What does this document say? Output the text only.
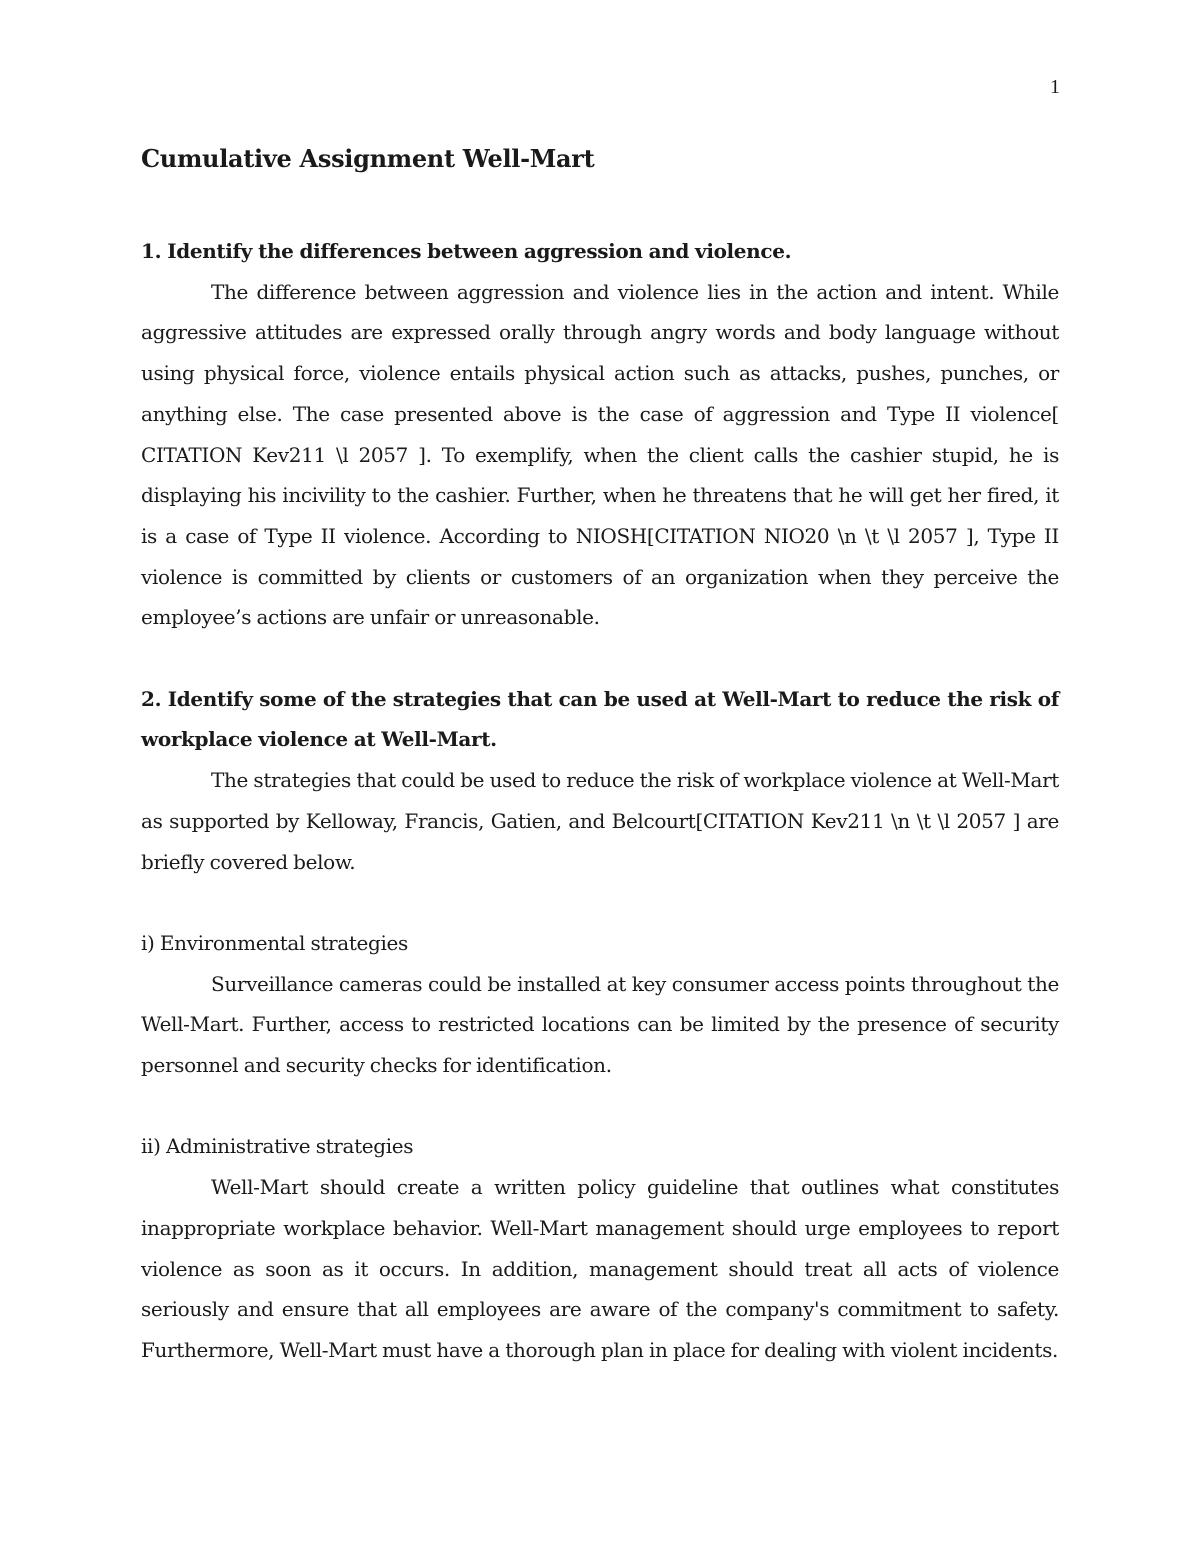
1
Cumulative Assignment Well-Mart

1. Identify the differences between aggression and violence.

The difference between aggression and violence lies in the action and intent. While aggressive attitudes are expressed orally through angry words and body language without using physical force, violence entails physical action such as attacks, pushes, punches, or anything else. The case presented above is the case of aggression and Type II violence[ CITATION Kev211 \l 2057 ]. To exemplify, when the client calls the cashier stupid, he is displaying his incivility to the cashier. Further, when he threatens that he will get her fired, it is a case of Type II violence. According to NIOSH[CITATION NIO20 \n \t \l 2057 ], Type II violence is committed by clients or customers of an organization when they perceive the employee’s actions are unfair or unreasonable.

2. Identify some of the strategies that can be used at Well-Mart to reduce the risk of workplace violence at Well-Mart.

The strategies that could be used to reduce the risk of workplace violence at Well-Mart as supported by Kelloway, Francis, Gatien, and Belcourt[CITATION Kev211 \n \t \l 2057 ] are briefly covered below.

i) Environmental strategies

Surveillance cameras could be installed at key consumer access points throughout the Well-Mart. Further, access to restricted locations can be limited by the presence of security personnel and security checks for identification.

ii) Administrative strategies

Well-Mart should create a written policy guideline that outlines what constitutes inappropriate workplace behavior. Well-Mart management should urge employees to report violence as soon as it occurs. In addition, management should treat all acts of violence seriously and ensure that all employees are aware of the company's commitment to safety. Furthermore, Well-Mart must have a thorough plan in place for dealing with violent incidents.
